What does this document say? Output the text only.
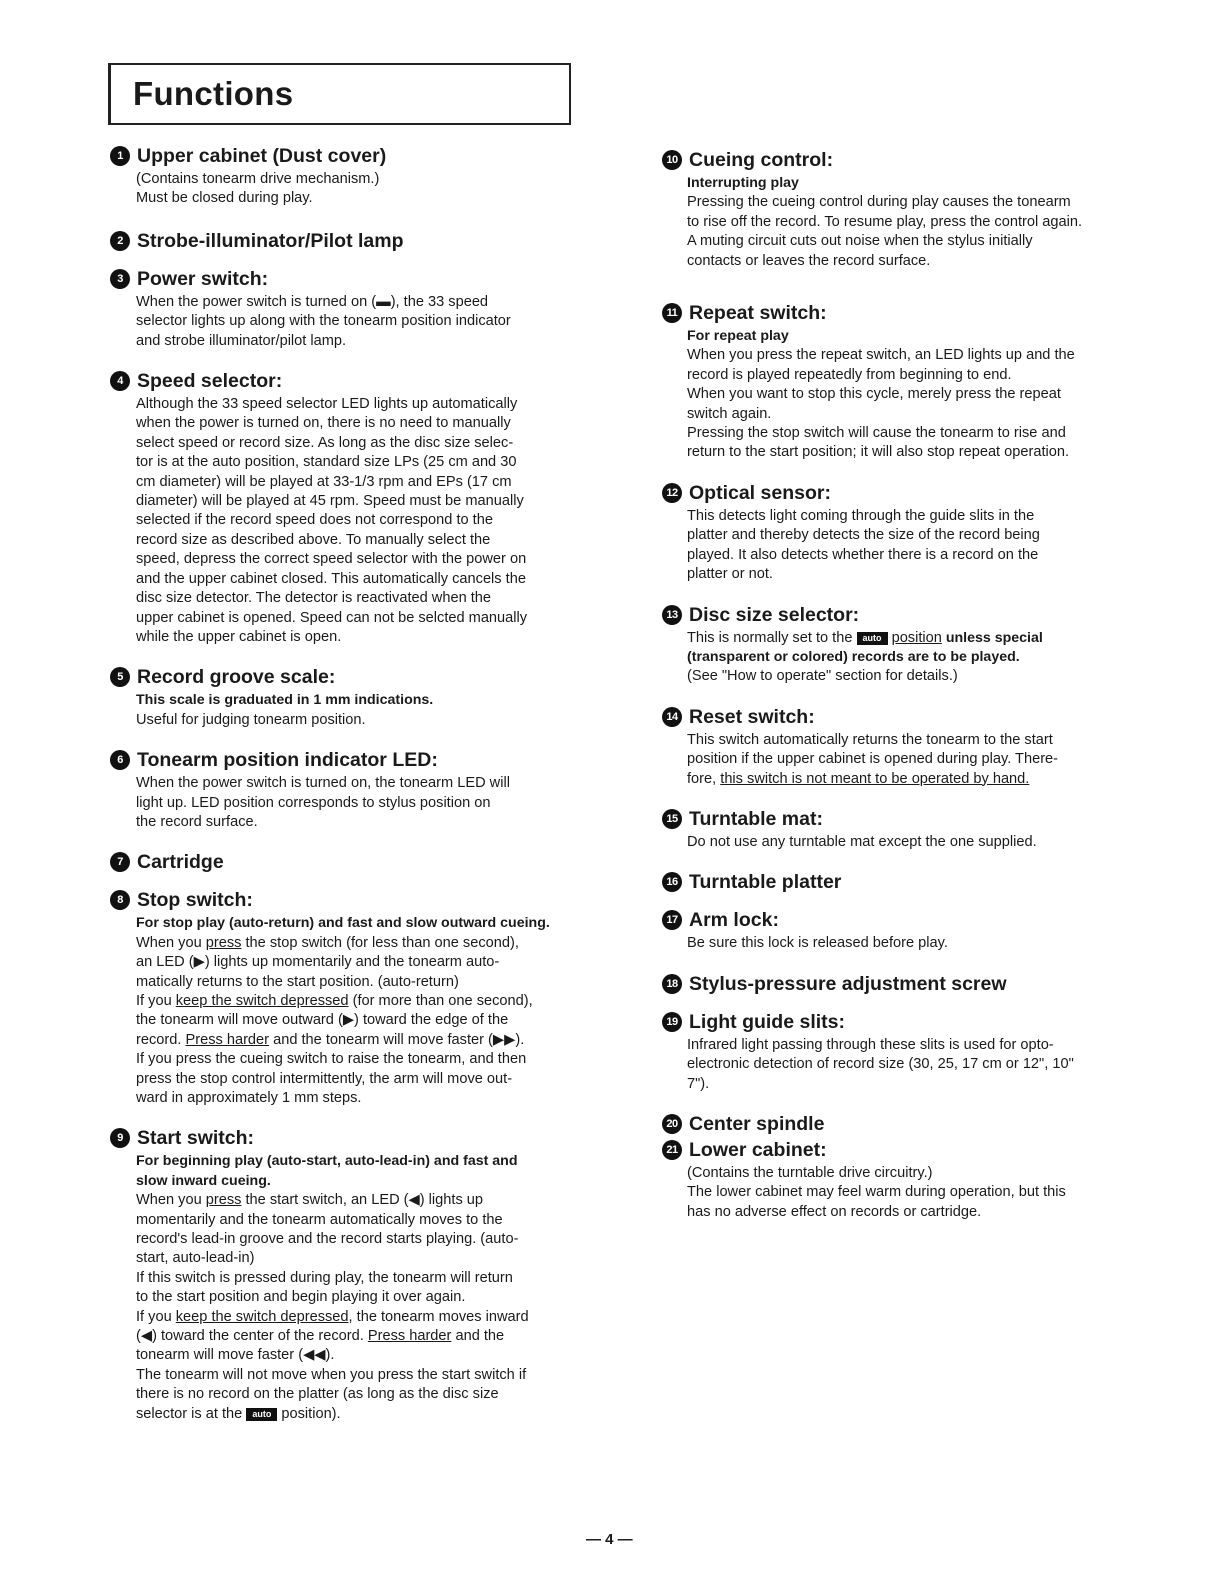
Functions
1 Upper cabinet (Dust cover)
(Contains tonearm drive mechanism.)
Must be closed during play.
2 Strobe-illuminator/Pilot lamp
3 Power switch:
When the power switch is turned on (▬), the 33 speed
selector lights up along with the tonearm position indicator
and strobe illuminator/pilot lamp.
4 Speed selector:
Although the 33 speed selector LED lights up automatically
when the power is turned on, there is no need to manually
select speed or record size. As long as the disc size selec-
tor is at the auto position, standard size LPs (25 cm and 30
cm diameter) will be played at 33-1/3 rpm and EPs (17 cm
diameter) will be played at 45 rpm. Speed must be manually
selected if the record speed does not correspond to the
record size as described above. To manually select the
speed, depress the correct speed selector with the power on
and the upper cabinet closed. This automatically cancels the
disc size detector. The detector is reactivated when the
upper cabinet is opened. Speed can not be selcted manually
while the upper cabinet is open.
5 Record groove scale:
This scale is graduated in 1 mm indications.
Useful for judging tonearm position.
6 Tonearm position indicator LED:
When the power switch is turned on, the tonearm LED will
light up. LED position corresponds to stylus position on
the record surface.
7 Cartridge
8 Stop switch:
For stop play (auto-return) and fast and slow outward cueing.
When you press the stop switch (for less than one second),
an LED (▶) lights up momentarily and the tonearm auto-
matically returns to the start position. (auto-return)
If you keep the switch depressed (for more than one second),
the tonearm will move outward (▶) toward the edge of the
record. Press harder and the tonearm will move faster (▶▶).
If you press the cueing switch to raise the tonearm, and then
press the stop control intermittently, the arm will move out-
ward in approximately 1 mm steps.
9 Start switch:
For beginning play (auto-start, auto-lead-in) and fast and
slow inward cueing.
When you press the start switch, an LED (◀) lights up
momentarily and the tonearm automatically moves to the
record's lead-in groove and the record starts playing. (auto-
start, auto-lead-in)
If this switch is pressed during play, the tonearm will return
to the start position and begin playing it over again.
If you keep the switch depressed, the tonearm moves inward
(◀) toward the center of the record. Press harder and the
tonearm will move faster (◀◀).
The tonearm will not move when you press the start switch if
there is no record on the platter (as long as the disc size
selector is at the auto position).
10 Cueing control:
Interrupting play
Pressing the cueing control during play causes the tonearm
to rise off the record. To resume play, press the control again.
A muting circuit cuts out noise when the stylus initially
contacts or leaves the record surface.
11 Repeat switch:
For repeat play
When you press the repeat switch, an LED lights up and the
record is played repeatedly from beginning to end.
When you want to stop this cycle, merely press the repeat
switch again.
Pressing the stop switch will cause the tonearm to rise and
return to the start position; it will also stop repeat operation.
12 Optical sensor:
This detects light coming through the guide slits in the
platter and thereby detects the size of the record being
played. It also detects whether there is a record on the
platter or not.
13 Disc size selector:
This is normally set to the auto position unless special
(transparent or colored) records are to be played.
(See "How to operate" section for details.)
14 Reset switch:
This switch automatically returns the tonearm to the start
position if the upper cabinet is opened during play. There-
fore, this switch is not meant to be operated by hand.
15 Turntable mat:
Do not use any turntable mat except the one supplied.
16 Turntable platter
17 Arm lock:
Be sure this lock is released before play.
18 Stylus-pressure adjustment screw
19 Light guide slits:
Infrared light passing through these slits is used for opto-
electronic detection of record size (30, 25, 17 cm or 12", 10"
7").
20 Center spindle
21 Lower cabinet:
(Contains the turntable drive circuitry.)
The lower cabinet may feel warm during operation, but this
has no adverse effect on records or cartridge.
— 4 —
